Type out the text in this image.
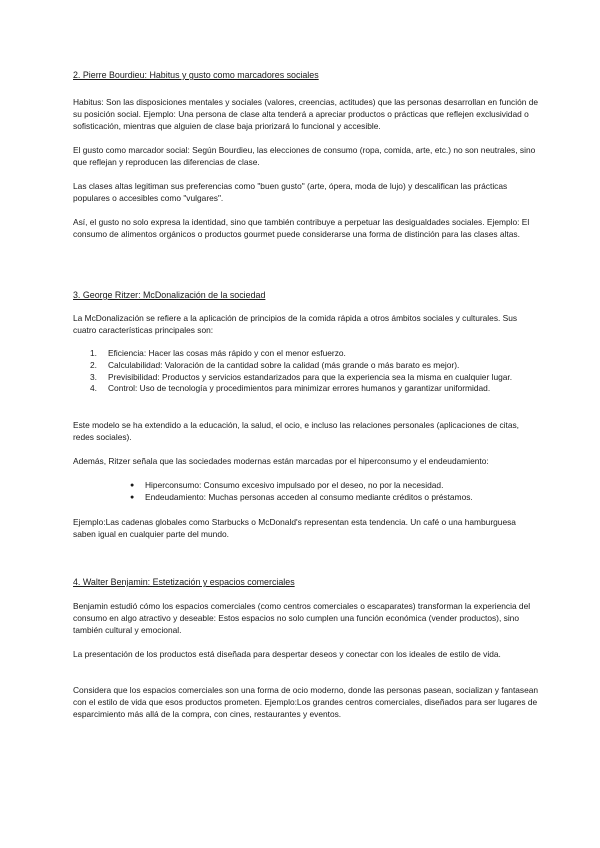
2. Pierre Bourdieu: Habitus y gusto como marcadores sociales

Habitus: Son las disposiciones mentales y sociales (valores, creencias, actitudes) que las personas desarrollan en función de su posición social. Ejemplo: Una persona de clase alta tenderá a apreciar productos o prácticas que reflejen exclusividad o sofisticación, mientras que alguien de clase baja priorizará lo funcional y accesible.

El gusto como marcador social: Según Bourdieu, las elecciones de consumo (ropa, comida, arte, etc.) no son neutrales, sino que reflejan y reproducen las diferencias de clase.

Las clases altas legitiman sus preferencias como "buen gusto" (arte, ópera, moda de lujo) y descalifican las prácticas populares o accesibles como "vulgares".

Así, el gusto no solo expresa la identidad, sino que también contribuye a perpetuar las desigualdades sociales. Ejemplo: El consumo de alimentos orgánicos o productos gourmet puede considerarse una forma de distinción para las clases altas.

3. George Ritzer: McDonalización de la sociedad

La McDonalización se refiere a la aplicación de principios de la comida rápida a otros ámbitos sociales y culturales. Sus cuatro características principales son:

1. Eficiencia: Hacer las cosas más rápido y con el menor esfuerzo.
2. Calculabilidad: Valoración de la cantidad sobre la calidad (más grande o más barato es mejor).
3. Previsibilidad: Productos y servicios estandarizados para que la experiencia sea la misma en cualquier lugar.
4. Control: Uso de tecnología y procedimientos para minimizar errores humanos y garantizar uniformidad.

Este modelo se ha extendido a la educación, la salud, el ocio, e incluso las relaciones personales (aplicaciones de citas, redes sociales).

Además, Ritzer señala que las sociedades modernas están marcadas por el hiperconsumo y el endeudamiento:

● Hiperconsumo: Consumo excesivo impulsado por el deseo, no por la necesidad.
● Endeudamiento: Muchas personas acceden al consumo mediante créditos o préstamos.

Ejemplo:Las cadenas globales como Starbucks o McDonald's representan esta tendencia. Un café o una hamburguesa saben igual en cualquier parte del mundo.

4. Walter Benjamin: Estetización y espacios comerciales

Benjamin estudió cómo los espacios comerciales (como centros comerciales o escaparates) transforman la experiencia del consumo en algo atractivo y deseable: Estos espacios no solo cumplen una función económica (vender productos), sino también cultural y emocional.

La presentación de los productos está diseñada para despertar deseos y conectar con los ideales de estilo de vida.

Considera que los espacios comerciales son una forma de ocio moderno, donde las personas pasean, socializan y fantasean con el estilo de vida que esos productos prometen. Ejemplo:Los grandes centros comerciales, diseñados para ser lugares de esparcimiento más allá de la compra, con cines, restaurantes y eventos.
